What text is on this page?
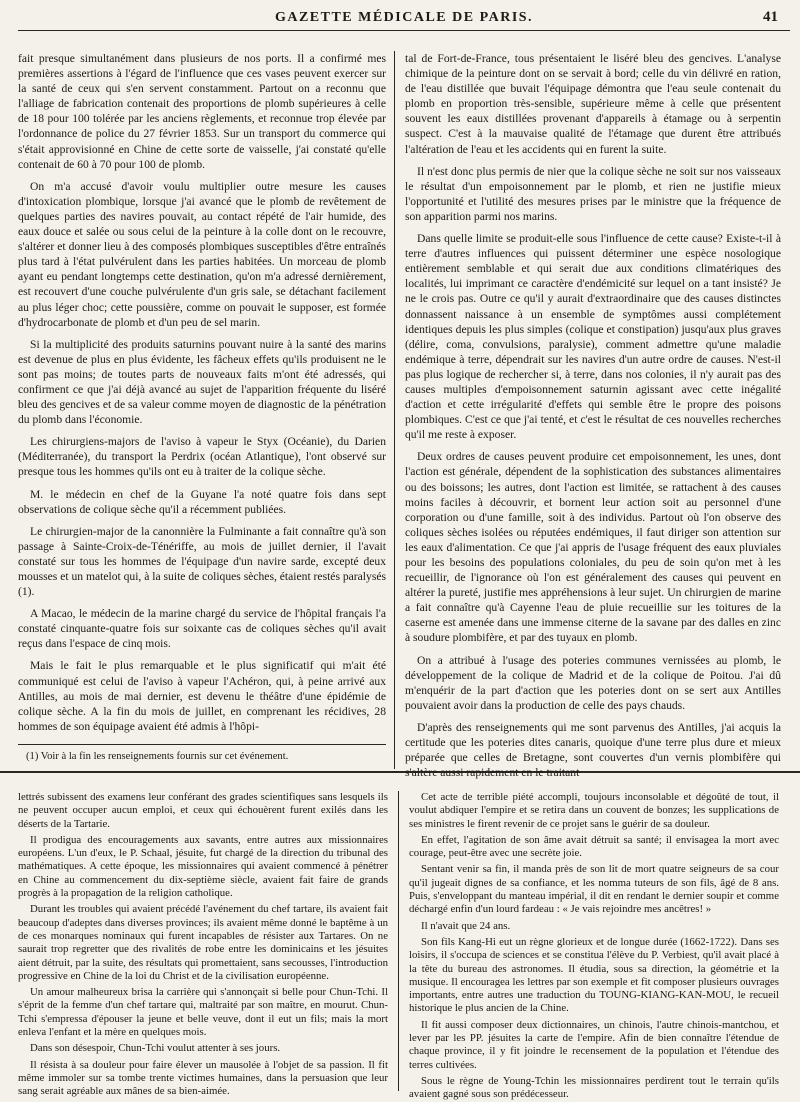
GAZETTE MÉDICALE DE PARIS.	41

fait presque simultanément dans plusieurs de nos ports. Il a confirmé mes premières assertions à l'égard de l'influence que ces vases peuvent exercer sur la santé de ceux qui s'en servent constamment. Partout on a reconnu que l'alliage de fabrication contenait des proportions de plomb supérieures à celle de 18 pour 100 tolérée par les anciens règlements, et reconnue trop élevée par l'ordonnance de police du 27 février 1853. Sur un transport du commerce qui s'était approvisionné en Chine de cette sorte de vaisselle, j'ai constaté qu'elle contenait de 60 à 70 pour 100 de plomb.

On m'a accusé d'avoir voulu multiplier outre mesure les causes d'intoxication plombique, lorsque j'ai avancé que le plomb de revêtement de quelques parties des navires pouvait, au contact répété de l'air humide, des eaux douce et salée ou sous celui de la peinture à la colle dont on le recouvre, s'altérer et donner lieu à des composés plombiques susceptibles d'être entraînés plus tard à l'état pulvérulent dans les parties habitées. Un morceau de plomb ayant eu pendant longtemps cette destination, qu'on m'a adressé dernièrement, est recouvert d'une couche pulvérulente d'un gris sale, se détachant facilement au plus léger choc; cette poussière, comme on pouvait le supposer, est formée d'hydrocarbonate de plomb et d'un peu de sel marin.

Si la multiplicité des produits saturnins pouvant nuire à la santé des marins est devenue de plus en plus évidente, les fâcheux effets qu'ils produisent ne le sont pas moins; de toutes parts de nouveaux faits m'ont été adressés, qui confirment ce que j'ai déjà avancé au sujet de l'apparition fréquente du liséré bleu des gencives et de sa valeur comme moyen de diagnostic de la pénétration du plomb dans l'économie.

Les chirurgiens-majors de l'aviso à vapeur le Styx (Océanie), du Darien (Méditerranée), du transport la Perdrix (océan Atlantique), l'ont observé sur presque tous les hommes qu'ils ont eu à traiter de la colique sèche.

M. le médecin en chef de la Guyane l'a noté quatre fois dans sept observations de colique sèche qu'il a récemment publiées.

Le chirurgien-major de la canonnière la Fulminante a fait connaître qu'à son passage à Sainte-Croix-de-Ténériffe, au mois de juillet dernier, il l'avait constaté sur tous les hommes de l'équipage d'un navire sarde, excepté deux mousses et un matelot qui, à la suite de coliques sèches, étaient restés paralysés (1).

A Macao, le médecin de la marine chargé du service de l'hôpital français l'a constaté cinquante-quatre fois sur soixante cas de coliques sèches qu'il avait reçus dans l'espace de cinq mois.

Mais le fait le plus remarquable et le plus significatif qui m'ait été communiqué est celui de l'aviso à vapeur l'Achéron, qui, à peine arrivé aux Antilles, au mois de mai dernier, est devenu le théâtre d'une épidémie de colique sèche. A la fin du mois de juillet, en comprenant les récidives, 28 hommes de son équipage avaient été admis à l'hôpi-

(1) Voir à la fin les renseignements fournis sur cet événement.

tal de Fort-de-France, tous présentaient le liséré bleu des gencives. L'analyse chimique de la peinture dont on se servait à bord; celle du vin délivré en ration, de l'eau distillée que buvait l'équipage démontra que l'eau seule contenait du plomb en proportion très-sensible, supérieure même à celle que présentent souvent les eaux distillées provenant d'appareils à étamage ou à serpentin suspect. C'est à la mauvaise qualité de l'étamage que durent être attribués l'altération de l'eau et les accidents qui en furent la suite.

Il n'est donc plus permis de nier que la colique sèche ne soit sur nos vaisseaux le résultat d'un empoisonnement par le plomb, et rien ne justifie mieux l'opportunité et l'utilité des mesures prises par le ministre que la fréquence de son apparition parmi nos marins.

Dans quelle limite se produit-elle sous l'influence de cette cause? Existe-t-il à terre d'autres influences qui puissent déterminer une espèce nosologique entièrement semblable et qui serait due aux conditions climatériques des localités, lui imprimant ce caractère d'endémicité sur lequel on a tant insisté? Je ne le crois pas. Outre ce qu'il y aurait d'extraordinaire que des causes distinctes donnassent naissance à un ensemble de symptômes aussi complétement identiques depuis les plus simples (colique et constipation) jusqu'aux plus graves (délire, coma, convulsions, paralysie), comment admettre qu'une maladie endémique à terre, dépendrait sur les navires d'un autre ordre de causes. N'est-il pas plus logique de rechercher si, à terre, dans nos colonies, il n'y aurait pas des causes multiples d'empoisonnement saturnin agissant avec cette inégalité d'action et cette irrégularité d'effets qui semble être le propre des poisons plombiques. C'est ce que j'ai tenté, et c'est le résultat de ces nouvelles recherches qu'il me reste à exposer.

Deux ordres de causes peuvent produire cet empoisonnement, les unes, dont l'action est générale, dépendent de la sophistication des substances alimentaires ou des boissons; les autres, dont l'action est limitée, se rattachent à des causes moins faciles à découvrir, et bornent leur action soit au personnel d'une corporation ou d'une famille, soit à des individus. Partout où l'on observe des coliques sèches isolées ou réputées endémiques, il faut diriger son attention sur les eaux d'alimentation. Ce que j'ai appris de l'usage fréquent des eaux pluviales pour les besoins des populations coloniales, du peu de soin qu'on met à les recueillir, de l'ignorance où l'on est généralement des causes qui peuvent en altérer la pureté, justifie mes appréhensions à leur sujet. Un chirurgien de marine a fait connaître qu'à Cayenne l'eau de pluie recueillie sur les toitures de la caserne est amenée dans une immense citerne de la savane par des dalles en zinc à soudure plombifère, et par des tuyaux en plomb.

On a attribué à l'usage des poteries communes vernissées au plomb, le développement de la colique de Madrid et de la colique de Poitou. J'ai dû m'enquérir de la part d'action que les poteries dont on se sert aux Antilles pouvaient avoir dans la production de celle des pays chauds.

D'après des renseignements qui me sont parvenus des Antilles, j'ai acquis la certitude que les poteries dites canaris, quoique d'une terre plus dure et mieux préparée que celles de Bretagne, sont couvertes d'un vernis plombifère qui s'altère aussi rapidement en le traitant

lettrés subissent des examens leur conférant des grades scientifiques sans lesquels ils ne peuvent occuper aucun emploi, et ceux qui échouèrent furent exilés dans les déserts de la Tartarie.

Il prodigua des encouragements aux savants, entre autres aux missionnaires européens. L'un d'eux, le P. Schaal, jésuite, fut chargé de la direction du tribunal des mathématiques. A cette époque, les missionnaires qui avaient commencé à pénétrer en Chine au commencement du dix-septième siècle, avaient fait faire de grands progrès à la propagation de la religion catholique.

Durant les troubles qui avaient précédé l'avénement du chef tartare, ils avaient fait beaucoup d'adeptes dans diverses provinces; ils avaient même donné le baptême à un de ces monarques nominaux qui furent incapables de résister aux Tartares. On ne saurait trop regretter que des rivalités de robe entre les dominicains et les jésuites aient détruit, par la suite, des résultats qui promettaient, sans secousses, l'introduction progressive en Chine de la loi du Christ et de la civilisation européenne.

Un amour malheureux brisa la carrière qui s'annonçait si belle pour Chun-Tchi. Il s'éprit de la femme d'un chef tartare qui, maltraité par son maître, en mourut. Chun-Tchi s'empressa d'épouser la jeune et belle veuve, dont il eut un fils; mais la mort enleva l'enfant et la mère en quelques mois.

Dans son désespoir, Chun-Tchi voulut attenter à ses jours.

Il résista à sa douleur pour faire élever un mausolée à l'objet de sa passion. Il fit même immoler sur sa tombe trente victimes humaines, dans la persuasion que leur sang serait agréable aux mânes de sa bien-aimée.

Cet acte de terrible piété accompli, toujours inconsolable et dégoûté de tout, il voulut abdiquer l'empire et se retira dans un couvent de bonzes; les supplications de ses ministres le firent revenir de ce projet sans le guérir de sa douleur.

En effet, l'agitation de son âme avait détruit sa santé; il envisagea la mort avec courage, peut-être avec une secrète joie.

Sentant venir sa fin, il manda près de son lit de mort quatre seigneurs de sa cour qu'il jugeait dignes de sa confiance, et les nomma tuteurs de son fils, âgé de 8 ans. Puis, s'enveloppant du manteau impérial, il dit en rendant le dernier soupir et comme déchargé enfin d'un lourd fardeau : « Je vais rejoindre mes ancêtres! »

Il n'avait que 24 ans.

Son fils Kang-Hi eut un règne glorieux et de longue durée (1662-1722). Dans ses loisirs, il s'occupa de sciences et se constitua l'élève du P. Verbiest, qu'il avait placé à la tête du bureau des astronomes. Il étudia, sous sa direction, la géométrie et la musique. Il encouragea les lettres par son exemple et fit composer plusieurs ouvrages importants, entre autres une traduction du TOUNG-KIANG-KAN-MOU, le recueil historique le plus ancien de la Chine.

Il fit aussi composer deux dictionnaires, un chinois, l'autre chinois-mantchou, et lever par les PP. jésuites la carte de l'empire. Afin de bien connaître l'étendue de chaque province, il y fit joindre le recensement de la population et l'étendue des terres cultivées.

Sous le règne de Young-Tchin les missionnaires perdirent tout le terrain qu'ils avaient gagné sous son prédécesseur.
